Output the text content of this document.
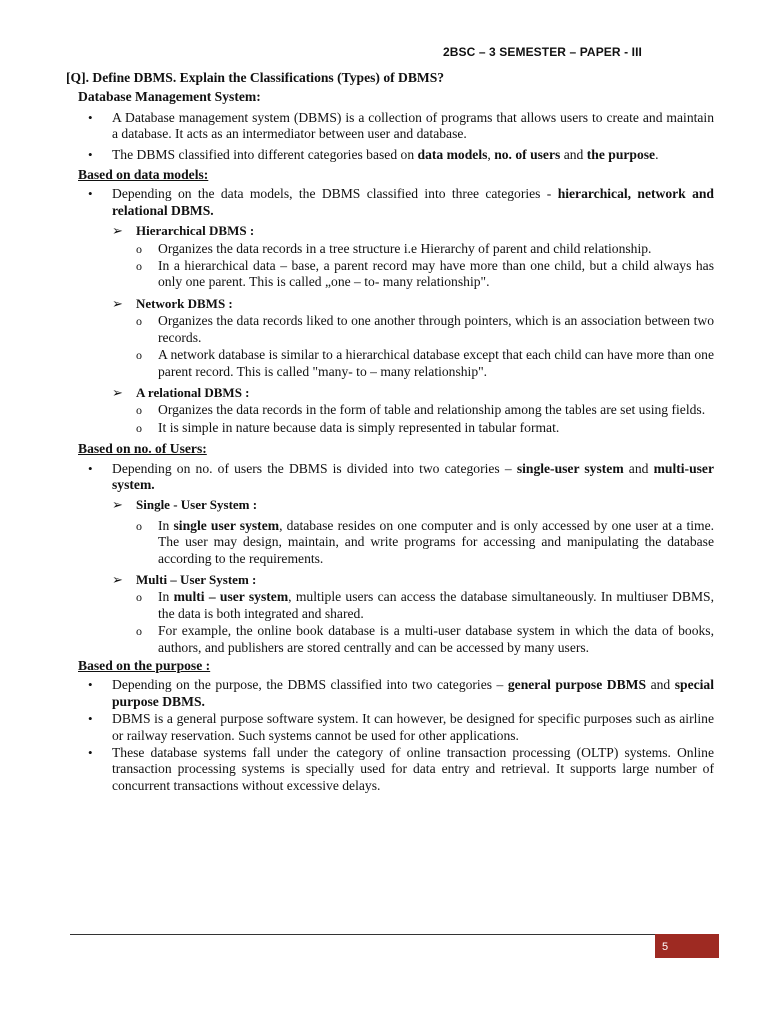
2BSC – 3 SEMESTER – PAPER - III
[Q]. Define DBMS. Explain the Classifications (Types) of DBMS?
Database Management System:
• A Database management system (DBMS) is a collection of programs that allows users to create and maintain a database. It acts as an intermediator between user and database.
• The DBMS classified into different categories based on data models, no. of users and the purpose.
Based on data models:
• Depending on the data models, the DBMS classified into three categories - hierarchical, network and relational DBMS.
➢ Hierarchical DBMS :
o Organizes the data records in a tree structure i.e Hierarchy of parent and child relationship.
o In a hierarchical data – base, a parent record may have more than one child, but a child always has only one parent. This is called „one – to- many relationship".
➢ Network DBMS :
o Organizes the data records liked to one another through pointers, which is an association between two records.
o A network database is similar to a hierarchical database except that each child can have more than one parent record. This is called "many- to – many relationship".
➢ A relational DBMS :
o Organizes the data records in the form of table and relationship among the tables are set using fields.
o It is simple in nature because data is simply represented in tabular format.
Based on no. of Users:
• Depending on no. of users the DBMS is divided into two categories – single-user system and multi-user system.
➢ Single - User System :
o In single user system, database resides on one computer and is only accessed by one user at a time. The user may design, maintain, and write programs for accessing and manipulating the database according to the requirements.
➢ Multi – User System :
o In multi – user system, multiple users can access the database simultaneously. In multiuser DBMS, the data is both integrated and shared.
o For example, the online book database is a multi-user database system in which the data of books, authors, and publishers are stored centrally and can be accessed by many users.
Based on the purpose :
• Depending on the purpose, the DBMS classified into two categories – general purpose DBMS and special purpose DBMS.
• DBMS is a general purpose software system. It can however, be designed for specific purposes such as airline or railway reservation. Such systems cannot be used for other applications.
• These database systems fall under the category of online transaction processing (OLTP) systems. Online transaction processing systems is specially used for data entry and retrieval. It supports large number of concurrent transactions without excessive delays.
5
